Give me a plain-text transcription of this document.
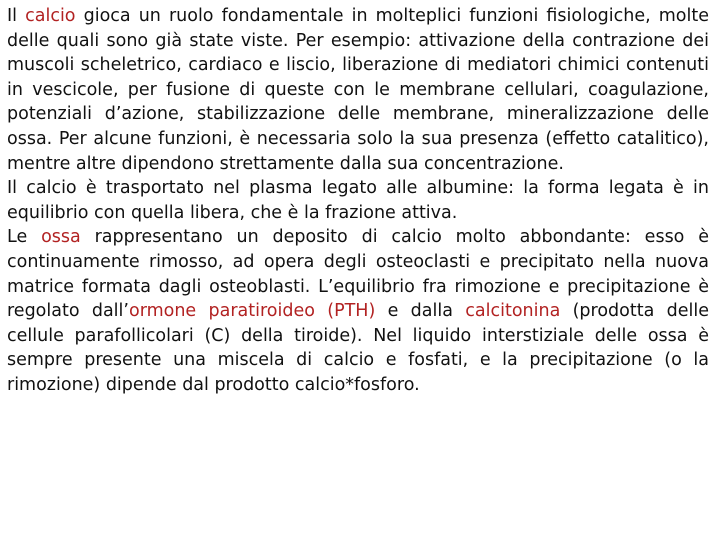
Il calcio gioca un ruolo fondamentale in molteplici funzioni fisiologiche, molte delle quali sono già state viste. Per esempio: attivazione della contrazione dei muscoli scheletrico, cardiaco e liscio, liberazione di mediatori chimici contenuti in vescicole, per fusione di queste con le membrane cellulari, coagulazione, potenziali d’azione, stabilizzazione delle membrane, mineralizzazione delle ossa. Per alcune funzioni, è necessaria solo la sua presenza (effetto catalitico), mentre altre dipendono strettamente dalla sua concentrazione.

Il calcio è trasportato nel plasma legato alle albumine: la forma legata è in equilibrio con quella libera, che è la frazione attiva.

Le ossa rappresentano un deposito di calcio molto abbondante: esso è continuamente rimosso, ad opera degli osteoclasti e precipitato nella nuova matrice formata dagli osteoblasti. L’equilibrio fra rimozione e precipitazione è regolato dall’ormone paratiroideo (PTH) e dalla calcitonina (prodotta delle cellule parafollicolari (C) della tiroide). Nel liquido interstiziale delle ossa è sempre presente una miscela di calcio e fosfati, e la precipitazione (o la rimozione) dipende dal prodotto calcio*fosforo.
